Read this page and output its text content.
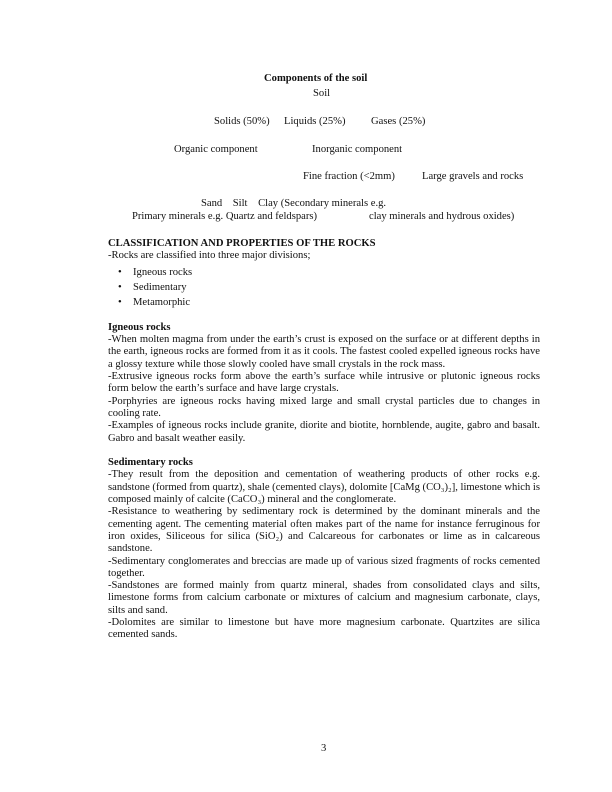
Components of the soil
Soil
Solids (50%) Liquids (25%) Gases (25%)
Organic component	Inorganic component
Fine fraction (<2mm)	Large gravels and rocks
Sand    Silt    Clay (Secondary minerals e.g.
Primary minerals e.g. Quartz and feldspars)	clay minerals and hydrous oxides)
CLASSIFICATION AND PROPERTIES OF THE ROCKS

-Rocks are classified into three major divisions;

• Igneous rocks
• Sedimentary
• Metamorphic
Igneous rocks

-When molten magma from under the earth’s crust is exposed on the surface or at different depths in the earth, igneous rocks are formed from it as it cools. The fastest cooled expelled igneous rocks have a glossy texture while those slowly cooled have small crystals in the rock mass.

-Extrusive igneous rocks form above the earth’s surface while intrusive or plutonic igneous rocks form below the earth’s surface and have large crystals.

-Porphyries are igneous rocks having mixed large and small crystal particles due to changes in cooling rate.

-Examples of igneous rocks include granite, diorite and biotite, hornblende, augite, gabro and basalt. Gabro and basalt weather easily.

Sedimentary rocks

-They result from the deposition and cementation of weathering products of other rocks e.g. sandstone (formed from quartz), shale (cemented clays), dolomite [CaMg (CO₃)₂], limestone which is composed mainly of calcite (CaCO₃) mineral and the conglomerate.

-Resistance to weathering by sedimentary rock is determined by the dominant minerals and the cementing agent. The cementing material often makes part of the name for instance ferruginous for iron oxides, Siliceous for silica (SiO₂) and Calcareous for carbonates or lime as in calcareous sandstone.

-Sedimentary conglomerates and breccias are made up of various sized fragments of rocks cemented together.

-Sandstones are formed mainly from quartz mineral, shades from consolidated clays and silts, limestone forms from calcium carbonate or mixtures of calcium and magnesium carbonate, clays, silts and sand.

-Dolomites are similar to limestone but have more magnesium carbonate. Quartzites are silica cemented sands.

3
